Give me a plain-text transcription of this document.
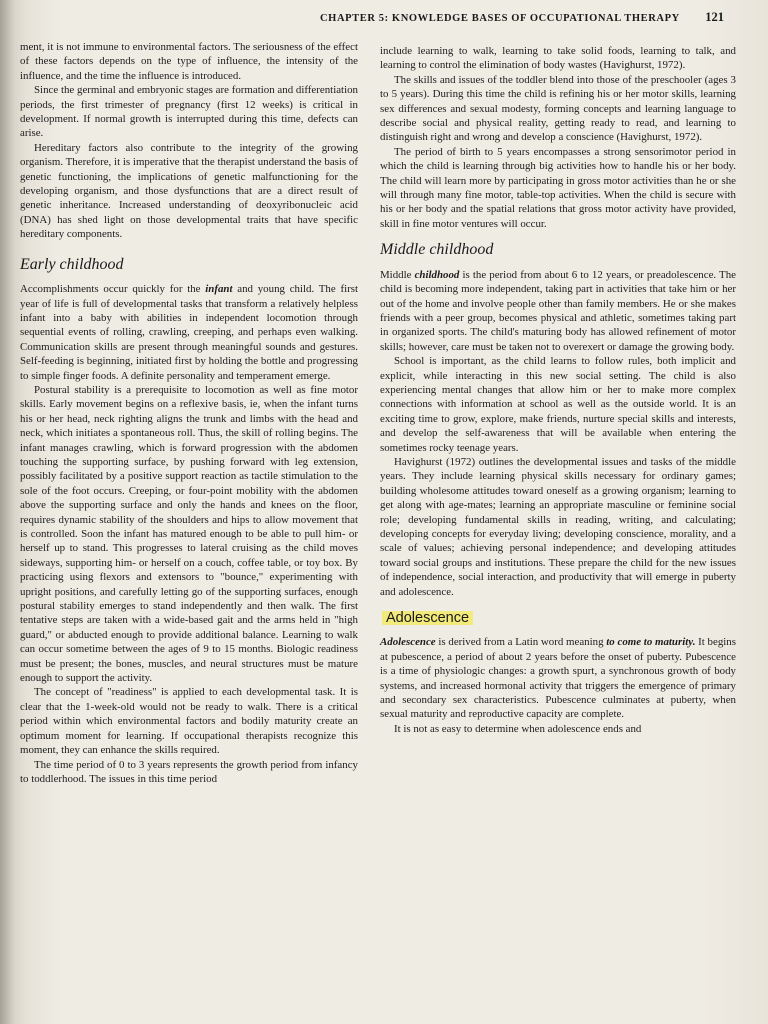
CHAPTER 5: KNOWLEDGE BASES OF OCCUPATIONAL THERAPY 121

ment, it is not immune to environmental factors. The seriousness of the effect of these factors depends on the type of influence, the intensity of the influence, and the time the influence is introduced.

Since the germinal and embryonic stages are formation and differentiation periods, the first trimester of pregnancy (first 12 weeks) is critical in development. If normal growth is interrupted during this time, defects can arise.

Hereditary factors also contribute to the integrity of the growing organism. Therefore, it is imperative that the therapist understand the basis of genetic functioning, the implications of genetic malfunctioning for the developing organism, and those dysfunctions that are a direct result of genetic inheritance. Increased understanding of deoxyribonucleic acid (DNA) has shed light on those developmental traits that have specific hereditary components.

Early childhood

Accomplishments occur quickly for the infant and young child. The first year of life is full of developmental tasks that transform a relatively helpless infant into a baby with abilities in independent locomotion through sequential events of rolling, crawling, creeping, and perhaps even walking. Communication skills are present through meaningful sounds and gestures. Self-feeding is beginning, initiated first by holding the bottle and progressing to simple finger foods. A definite personality and temperament emerge.

Postural stability is a prerequisite to locomotion as well as fine motor skills. Early movement begins on a reflexive basis, ie, when the infant turns his or her head, neck righting aligns the trunk and limbs with the head and neck, which initiates a spontaneous roll. Thus, the skill of rolling begins. The infant manages crawling, which is forward progression with the abdomen touching the supporting surface, by pushing forward with leg extension, possibly facilitated by a positive support reaction as tactile stimulation to the sole of the foot occurs. Creeping, or four-point mobility with the abdomen above the supporting surface and only the hands and knees on the floor, requires dynamic stability of the shoulders and hips to allow movement that is controlled. Soon the infant has matured enough to be able to pull him- or herself up to stand. This progresses to lateral cruising as the child moves sideways, supporting him- or herself on a couch, coffee table, or toy box. By practicing using flexors and extensors to "bounce," experimenting with upright positions, and carefully letting go of the supporting surfaces, enough postural stability emerges to stand independently and then walk. The first tentative steps are taken with a wide-based gait and the arms held in "high guard," or abducted enough to provide additional balance. Learning to walk can occur sometime between the ages of 9 to 15 months. Biologic readiness must be present; the bones, muscles, and neural structures must be mature enough to support the activity.

The concept of "readiness" is applied to each developmental task. It is clear that the 1-week-old would not be ready to walk. There is a critical period within which environmental factors and bodily maturity create an optimum moment for learning. If occupational therapists recognize this moment, they can enhance the skills required.

The time period of 0 to 3 years represents the growth period from infancy to toddlerhood. The issues in this time period

include learning to walk, learning to take solid foods, learning to talk, and learning to control the elimination of body wastes (Havighurst, 1972).

The skills and issues of the toddler blend into those of the preschooler (ages 3 to 5 years). During this time the child is refining his or her motor skills, learning sex differences and sexual modesty, forming concepts and learning language to describe social and physical reality, getting ready to read, and learning to distinguish right and wrong and develop a conscience (Havighurst, 1972).

The period of birth to 5 years encompasses a strong sensorimotor period in which the child is learning through big activities how to handle his or her body. The child will learn more by participating in gross motor activities than he or she will through many fine motor, table-top activities. When the child is secure with his or her body and the spatial relations that gross motor activity have provided, skill in fine motor ventures will occur.

Middle childhood

Middle childhood is the period from about 6 to 12 years, or preadolescence. The child is becoming more independent, taking part in activities that take him or her out of the home and involve people other than family members. He or she makes friends with a peer group, becomes physical and athletic, sometimes taking part in organized sports. The child's maturing body has allowed refinement of motor skills; however, care must be taken not to overexert or damage the growing body.

School is important, as the child learns to follow rules, both implicit and explicit, while interacting in this new social setting. The child is also experiencing mental changes that allow him or her to make more complex connections with information at school as well as the outside world. It is an exciting time to grow, explore, make friends, nurture special skills and interests, and develop the self-awareness that will be available when entering the sometimes rocky teenage years.

Havighurst (1972) outlines the developmental issues and tasks of the middle years. They include learning physical skills necessary for ordinary games; building wholesome attitudes toward oneself as a growing organism; learning to get along with age-mates; learning an appropriate masculine or feminine social role; developing fundamental skills in reading, writing, and calculating; developing concepts for everyday living; developing conscience, morality, and a scale of values; achieving personal independence; and developing attitudes toward social groups and institutions. These prepare the child for the new issues of independence, social interaction, and productivity that will emerge in puberty and adolescence.

Adolescence

Adolescence is derived from a Latin word meaning to come to maturity. It begins at pubescence, a period of about 2 years before the onset of puberty. Pubescence is a time of physiologic changes: a growth spurt, a synchronous growth of body systems, and increased hormonal activity that triggers the emergence of primary and secondary sex characteristics. Pubescence culminates at puberty, when sexual maturity and reproductive capacity are complete.

It is not as easy to determine when adolescence ends and
